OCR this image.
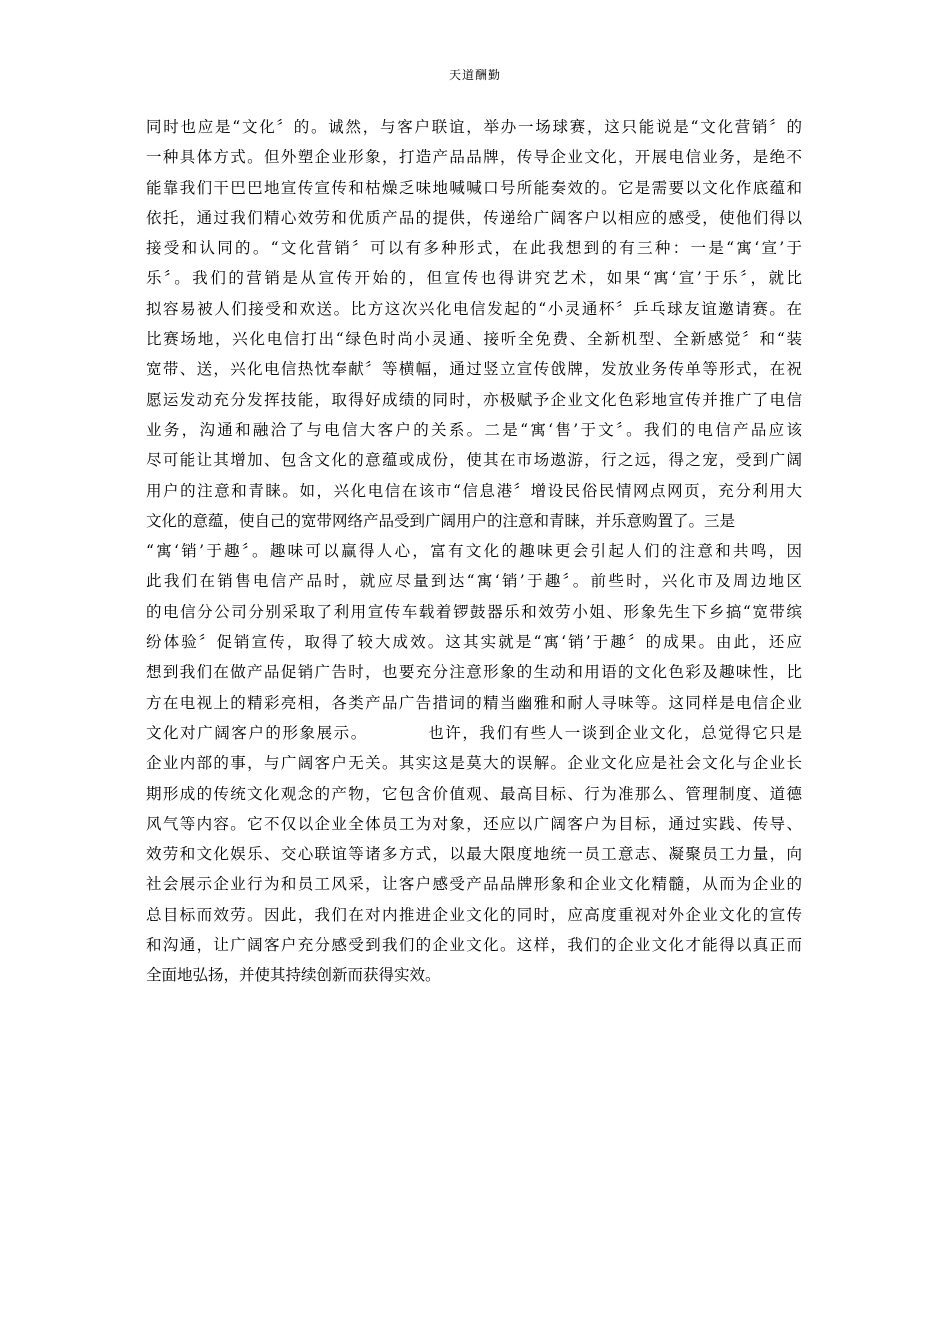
天道酬勤
同时也应是“文化〞的。诚然，与客户联谊，举办一场球赛，这只能说是“文化营销〞的
一种具体方式。但外塑企业形象，打造产品品牌，传导企业文化，开展电信业务，是绝不
能靠我们干巴巴地宣传宣传和枯燥乏味地喊喊口号所能奏效的。它是需要以文化作底蕴和
依托，通过我们精心效劳和优质产品的提供，传递给广阔客户以相应的感受，使他们得以
接受和认同的。“文化营销〞可以有多种形式，在此我想到的有三种：一是“寓‘宣’于
乐〞。我们的营销是从宣传开始的，但宣传也得讲究艺术，如果“寓‘宣’于乐〞，就比
拟容易被人们接受和欢送。比方这次兴化电信发起的“小灵通杯〞乒乓球友谊邀请赛。在
比赛场地，兴化电信打出“绿色时尚小灵通、接听全免费、全新机型、全新感觉〞和“装
宽带、送，兴化电信热忱奉献〞等横幅，通过竖立宣传戗牌，发放业务传单等形式，在祝
愿运发动充分发挥技能，取得好成绩的同时，亦极赋予企业文化色彩地宣传并推广了电信
业务，沟通和融洽了与电信大客户的关系。二是“寓‘售’于文〞。我们的电信产品应该
尽可能让其增加、包含文化的意蕴或成份，使其在市场遨游，行之远，得之宠，受到广阔
用户的注意和青睐。如，兴化电信在该市“信息港〞增设民俗民情网点网页，充分利用大
文化的意蕴，使自己的宽带网络产品受到广阔用户的注意和青睐，并乐意购置了。三是
“寓‘销’于趣〞。趣味可以赢得人心，富有文化的趣味更会引起人们的注意和共鸣，因
此我们在销售电信产品时，就应尽量到达“寓‘销’于趣〞。前些时，兴化市及周边地区
的电信分公司分别采取了利用宣传车载着锣鼓器乐和效劳小姐、形象先生下乡搞“宽带缤
纷体验〞促销宣传，取得了较大成效。这其实就是“寓‘销’于趣〞的成果。由此，还应
想到我们在做产品促销广告时，也要充分注意形象的生动和用语的文化色彩及趣味性，比
方在电视上的精彩亮相，各类产品广告措词的精当幽雅和耐人寻味等。这同样是电信企业
文化对广阔客户的形象展示。　　　　也许，我们有些人一谈到企业文化，总觉得它只是
企业内部的事，与广阔客户无关。其实这是莫大的误解。企业文化应是社会文化与企业长
期形成的传统文化观念的产物，它包含价值观、最高目标、行为准那么、管理制度、道德
风气等内容。它不仅以企业全体员工为对象，还应以广阔客户为目标，通过实践、传导、
效劳和文化娱乐、交心联谊等诸多方式，以最大限度地统一员工意志、凝聚员工力量，向
社会展示企业行为和员工风采，让客户感受产品品牌形象和企业文化精髓，从而为企业的
总目标而效劳。因此，我们在对内推进企业文化的同时，应高度重视对外企业文化的宣传
和沟通，让广阔客户充分感受到我们的企业文化。这样，我们的企业文化才能得以真正而
全面地弘扬，并使其持续创新而获得实效。
